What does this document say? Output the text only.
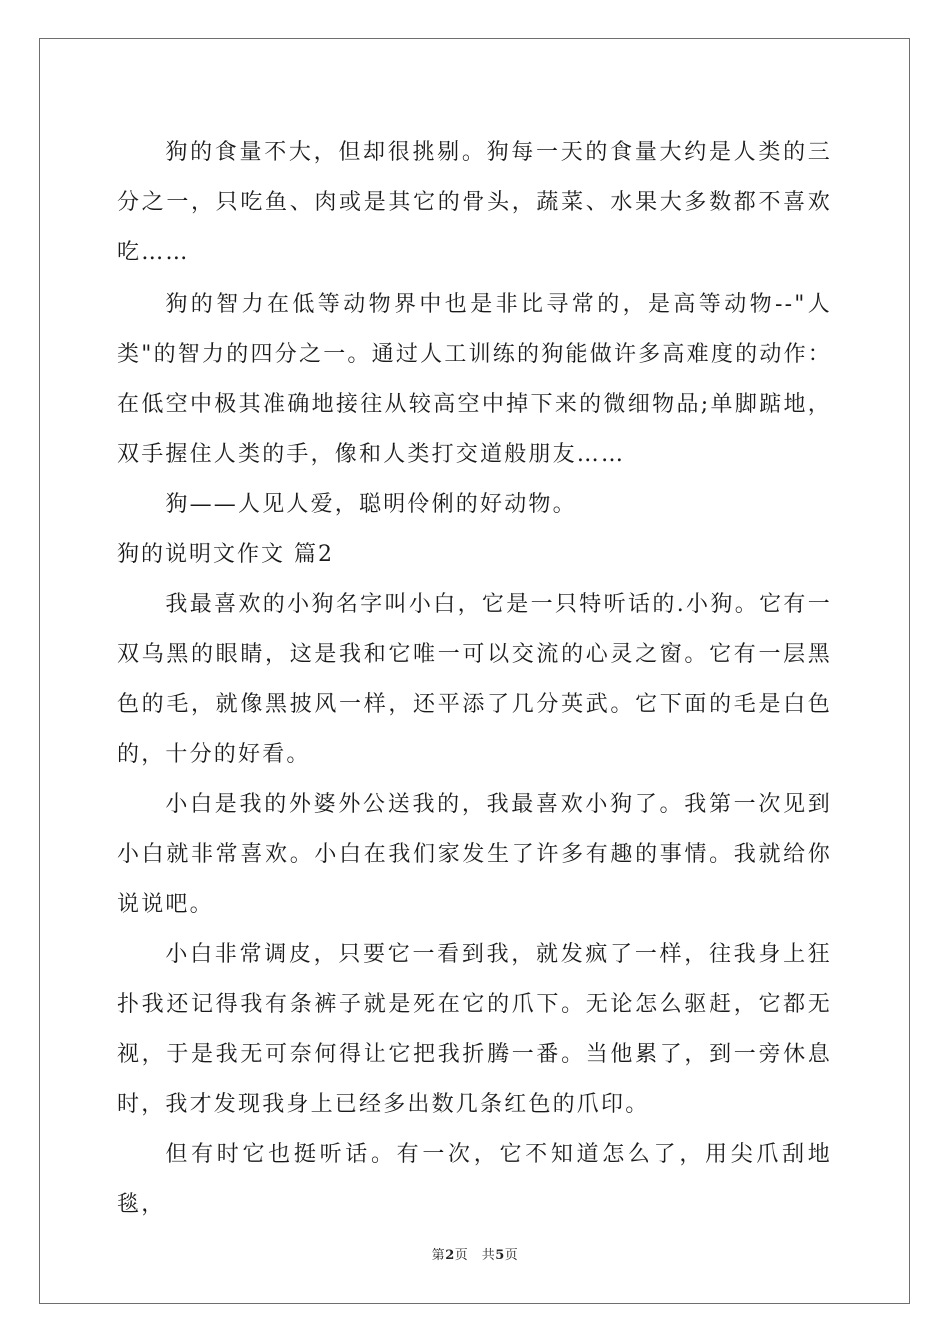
狗的食量不大，但却很挑剔。狗每一天的食量大约是人类的三分之一，只吃鱼、肉或是其它的骨头，蔬菜、水果大多数都不喜欢吃……

狗的智力在低等动物界中也是非比寻常的，是高等动物--"人类"的智力的四分之一。通过人工训练的狗能做许多高难度的动作：在低空中极其准确地接往从较高空中掉下来的微细物品;单脚踮地，双手握住人类的手，像和人类打交道般朋友……

狗——人见人爱，聪明伶俐的好动物。

狗的说明文作文 篇2

我最喜欢的小狗名字叫小白，它是一只特听话的.小狗。它有一双乌黑的眼睛，这是我和它唯一可以交流的心灵之窗。它有一层黑色的毛，就像黑披风一样，还平添了几分英武。它下面的毛是白色的，十分的好看。

小白是我的外婆外公送我的，我最喜欢小狗了。我第一次见到小白就非常喜欢。小白在我们家发生了许多有趣的事情。我就给你说说吧。

小白非常调皮，只要它一看到我，就发疯了一样，往我身上狂扑我还记得我有条裤子就是死在它的爪下。无论怎么驱赶，它都无视，于是我无可奈何得让它把我折腾一番。当他累了，到一旁休息时，我才发现我身上已经多出数几条红色的爪印。

但有时它也挺听话。有一次，它不知道怎么了，用尖爪刮地毯，

第2页　共5页
